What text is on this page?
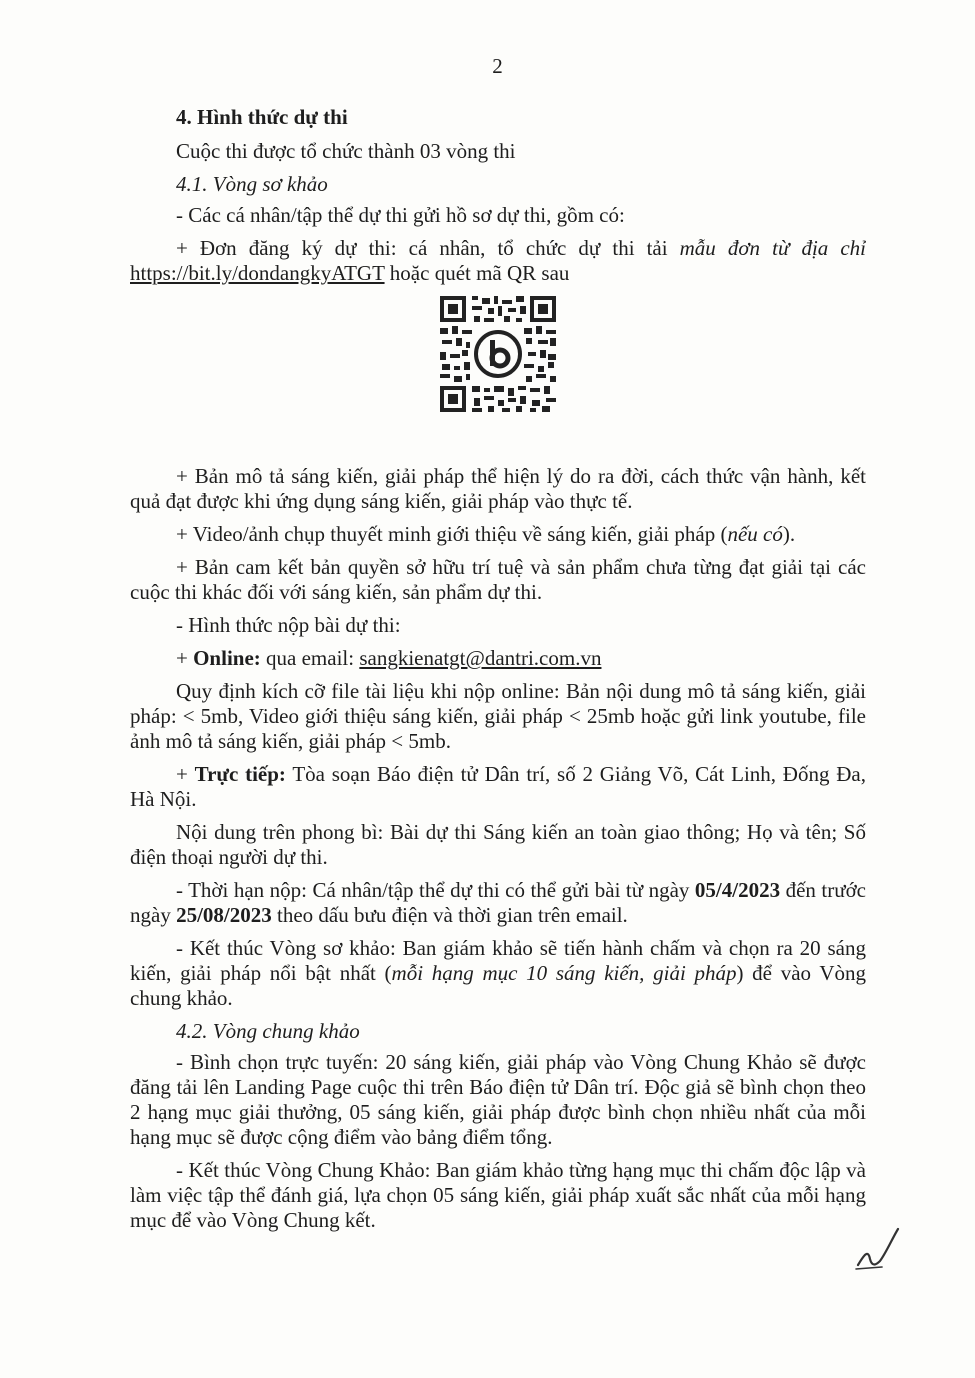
2
4. Hình thức dự thi
Cuộc thi được tổ chức thành 03 vòng thi
4.1. Vòng sơ khảo
- Các cá nhân/tập thể dự thi gửi hồ sơ dự thi, gồm có:
+ Đơn đăng ký dự thi: cá nhân, tổ chức dự thi tải mẫu đơn từ địa chỉ https://bit.ly/dondangkyATGT hoặc quét mã QR sau
+ Bản mô tả sáng kiến, giải pháp thể hiện lý do ra đời, cách thức vận hành, kết quả đạt được khi ứng dụng sáng kiến, giải pháp vào thực tế.
+ Video/ảnh chụp thuyết minh giới thiệu về sáng kiến, giải pháp (nếu có).
+ Bản cam kết bản quyền sở hữu trí tuệ và sản phẩm chưa từng đạt giải tại các cuộc thi khác đối với sáng kiến, sản phẩm dự thi.
- Hình thức nộp bài dự thi:
+ Online: qua email: sangkienatgt@dantri.com.vn
Quy định kích cỡ file tài liệu khi nộp online: Bản nội dung mô tả sáng kiến, giải pháp: < 5mb, Video giới thiệu sáng kiến, giải pháp < 25mb hoặc gửi link youtube, file ảnh mô tả sáng kiến, giải pháp < 5mb.
+ Trực tiếp: Tòa soạn Báo điện tử Dân trí, số 2 Giảng Võ, Cát Linh, Đống Đa, Hà Nội.
Nội dung trên phong bì: Bài dự thi Sáng kiến an toàn giao thông; Họ và tên; Số điện thoại người dự thi.
- Thời hạn nộp: Cá nhân/tập thể dự thi có thể gửi bài từ ngày 05/4/2023 đến trước ngày 25/08/2023 theo dấu bưu điện và thời gian trên email.
- Kết thúc Vòng sơ khảo: Ban giám khảo sẽ tiến hành chấm và chọn ra 20 sáng kiến, giải pháp nổi bật nhất (mỗi hạng mục 10 sáng kiến, giải pháp) để vào Vòng chung khảo.
4.2. Vòng chung khảo
- Bình chọn trực tuyến: 20 sáng kiến, giải pháp vào Vòng Chung Khảo sẽ được đăng tải lên Landing Page cuộc thi trên Báo điện tử Dân trí. Độc giả sẽ bình chọn theo 2 hạng mục giải thưởng, 05 sáng kiến, giải pháp được bình chọn nhiều nhất của mỗi hạng mục sẽ được cộng điểm vào bảng điểm tổng.
- Kết thúc Vòng Chung Khảo: Ban giám khảo từng hạng mục thi chấm độc lập và làm việc tập thể đánh giá, lựa chọn 05 sáng kiến, giải pháp xuất sắc nhất của mỗi hạng mục để vào Vòng Chung kết.
